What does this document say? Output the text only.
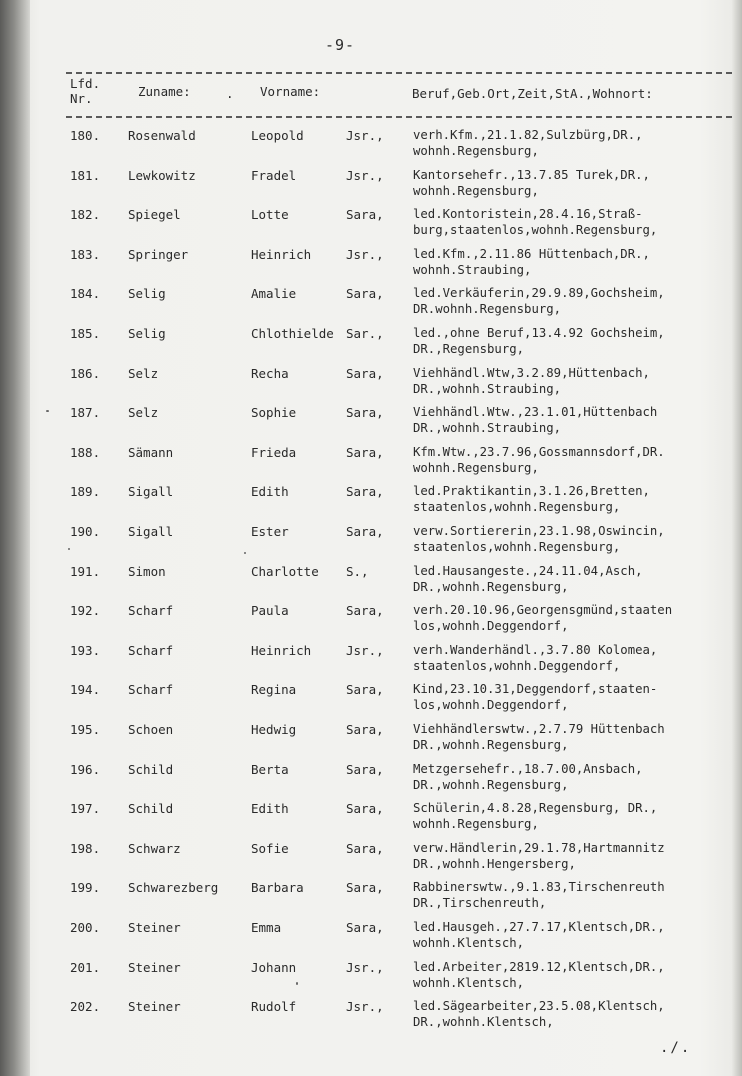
-9-
Lfd. Nr.	Zuname:	. Vorname:	Beruf,Geb.Ort,Zeit,StA.,Wohnort:
180. Rosenwald	Leopold	Jsr., verh.Kfm.,21.1.82,Sulzbürg,DR.,
wohnh.Regensburg,
181. Lewkowitz	Fradel	Jsr., Kantorsehefr.,13.7.85 Turek,DR.,
wohnh.Regensburg,
182. Spiegel	Lotte	Sara, led.Kontoristein,28.4.16,Straß-
burg,staatenlos,wohnh.Regensburg,
183. Springer	Heinrich	Jsr., led.Kfm.,2.11.86 Hüttenbach,DR.,
wohnh.Straubing,
184. Selig	Amalie	Sara, led.Verkäuferin,29.9.89,Gochsheim,
DR.wohnh.Regensburg,
185. Selig	Chlothielde Sar., led.,ohne Beruf,13.4.92 Gochsheim,
DR.,Regensburg,
186. Selz	Recha	Sara, Viehhändl.Wtw,3.2.89,Hüttenbach,
DR.,wohnh.Straubing,
187. Selz	Sophie	Sara, Viehhändl.Wtw.,23.1.01,Hüttenbach
DR.,wohnh.Straubing,
188. Sämann	Frieda	Sara, Kfm.Wtw.,23.7.96,Gossmannsdorf,DR.
wohnh.Regensburg,
189. Sigall	Edith	Sara, led.Praktikantin,3.1.26,Bretten,
staatenlos,wohnh.Regensburg,
190. Sigall	Ester	Sara, verw.Sortiererin,23.1.98,Oswincin,
staatenlos,wohnh.Regensburg,
191. Simon	Charlotte S.,	led.Hausangeste.,24.11.04,Asch,
DR.,wohnh.Regensburg,
192. Scharf	Paula	Sara, verh.20.10.96,Georgensgmünd,staaten
los,wohnh.Deggendorf,
193. Scharf	Heinrich	Jsr., verh.Wanderhändl.,3.7.80 Kolomea,
staatenlos,wohnh.Deggendorf,
194. Scharf	Regina	Sara, Kind,23.10.31,Deggendorf,staaten-
los,wohnh.Deggendorf,
195. Schoen	Hedwig	Sara, Viehhändlerswtw.,2.7.79 Hüttenbach
DR.,wohnh.Regensburg,
196. Schild	Berta	Sara, Metzgersehefr.,18.7.00,Ansbach,
DR.,wohnh.Regensburg,
197. Schild	Edith	Sara, Schülerin,4.8.28,Regensburg, DR.,
wohnh.Regensburg,
198. Schwarz	Sofie	Sara, verw.Händlerin,29.1.78,Hartmannitz
DR.,wohnh.Hengersberg,
199. Schwarezberg	Barbara	Sara, Rabbinerswtw.,9.1.83,Tirschenreuth
DR.,Tirschenreuth,
200. Steiner	Emma	Sara, led.Hausgeh.,27.7.17,Klentsch,DR.,
wohnh.Klentsch,
201. Steiner	Johann	Jsr., led.Arbeiter,2819.12,Klentsch,DR.,
wohnh.Klentsch,
202. Steiner	Rudolf	Jsr., led.Sägearbeiter,23.5.08,Klentsch,
DR.,wohnh.Klentsch,
./.
